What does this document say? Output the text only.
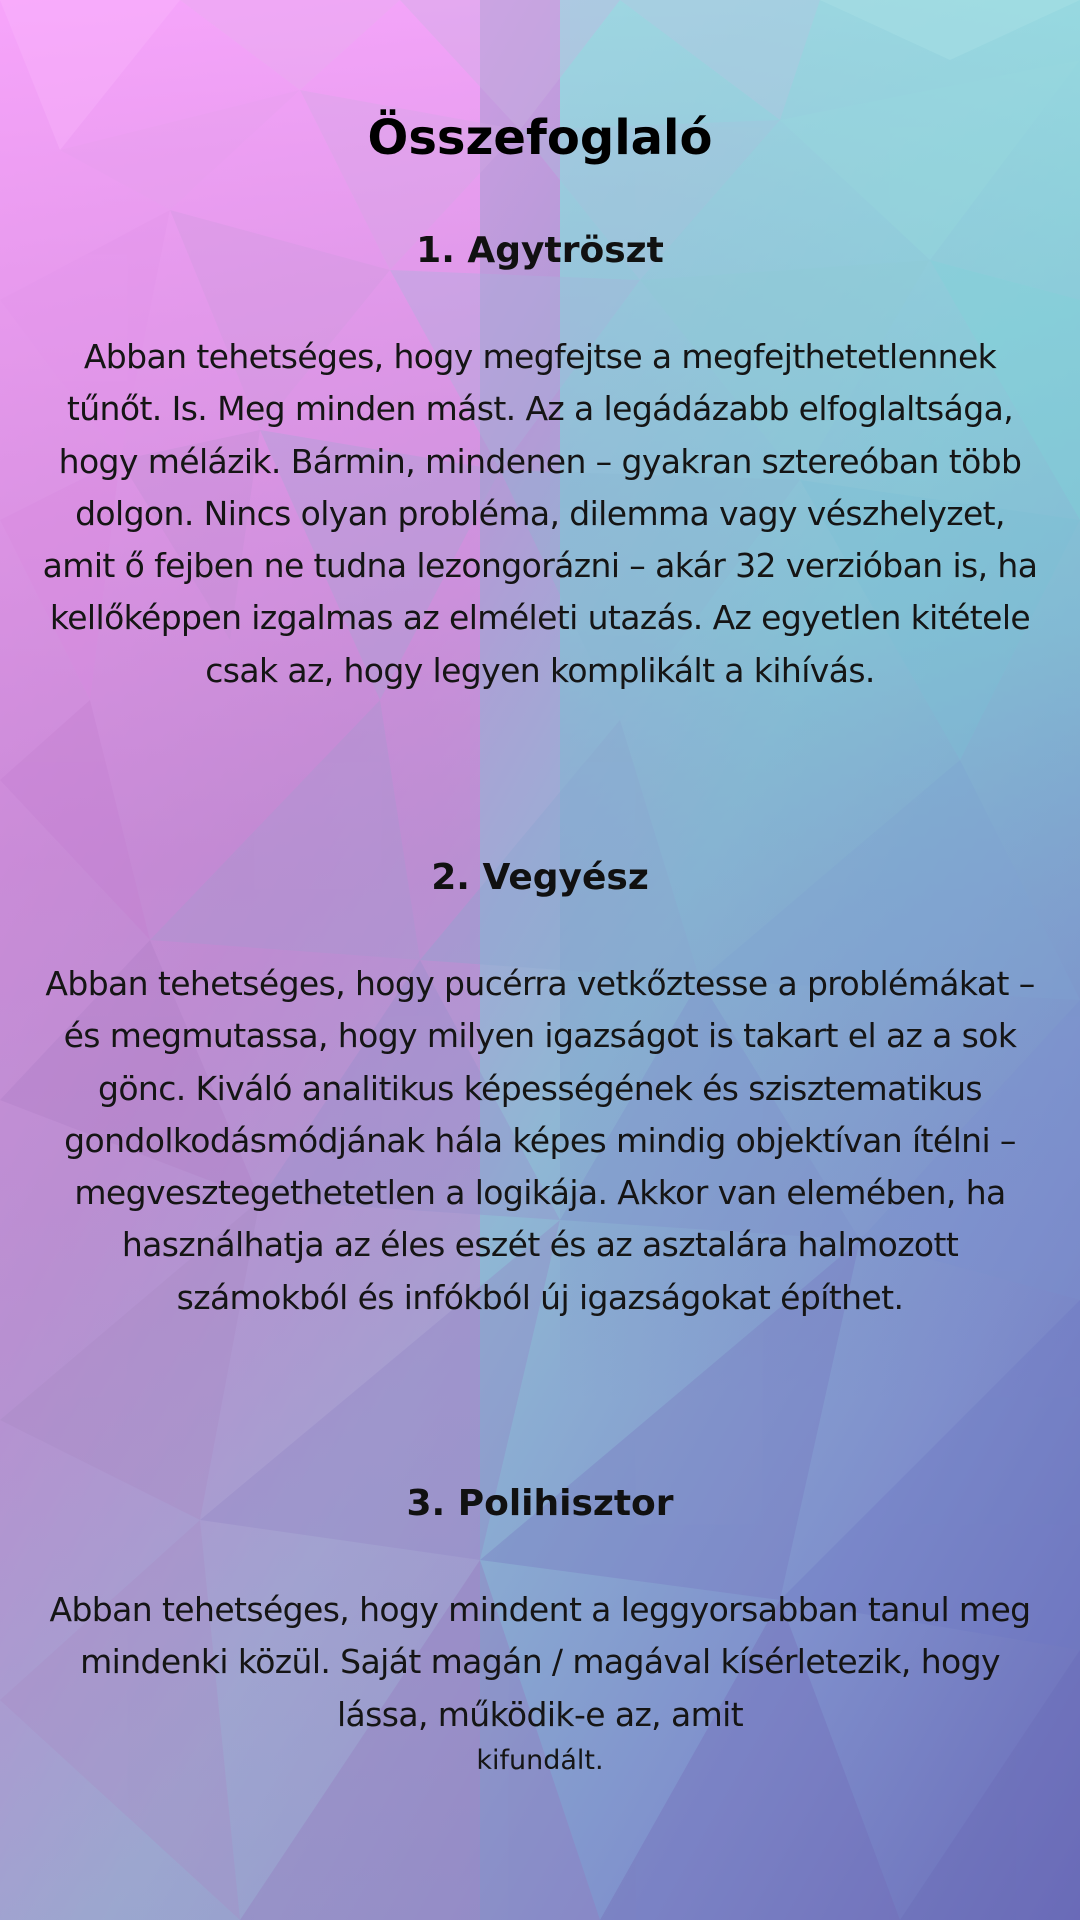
Összefoglaló
1. Agytröszt

Abban tehetséges, hogy megfejtse a megfejthetetlennek tűnőt. Is. Meg minden mást. Az a legádázabb elfoglaltsága, hogy mélázik. Bármin, mindenen – gyakran sztereóban több dolgon. Nincs olyan probléma, dilemma vagy vészhelyzet, amit ő fejben ne tudna lezongorázni – akár 32 verzióban is, ha kellőképpen izgalmas az elméleti utazás. Az egyetlen kitétele csak az, hogy legyen komplikált a kihívás.

2. Vegyész

Abban tehetséges, hogy pucérra vetkőztesse a problémákat – és megmutassa, hogy milyen igazságot is takart el az a sok gönc. Kiváló analitikus képességének és szisztematikus gondolkodásmódjának hála képes mindig objektívan ítélni – megvesztegethetetlen a logikája. Akkor van elemében, ha használhatja az éles eszét és az asztalára halmozott számokból és infókból új igazságokat építhet.

3. Polihisztor

Abban tehetséges, hogy mindent a leggyorsabban tanul meg mindenki közül. Saját magán / magával kísérletezik, hogy lássa, működik-e az, amit

kifundált.
